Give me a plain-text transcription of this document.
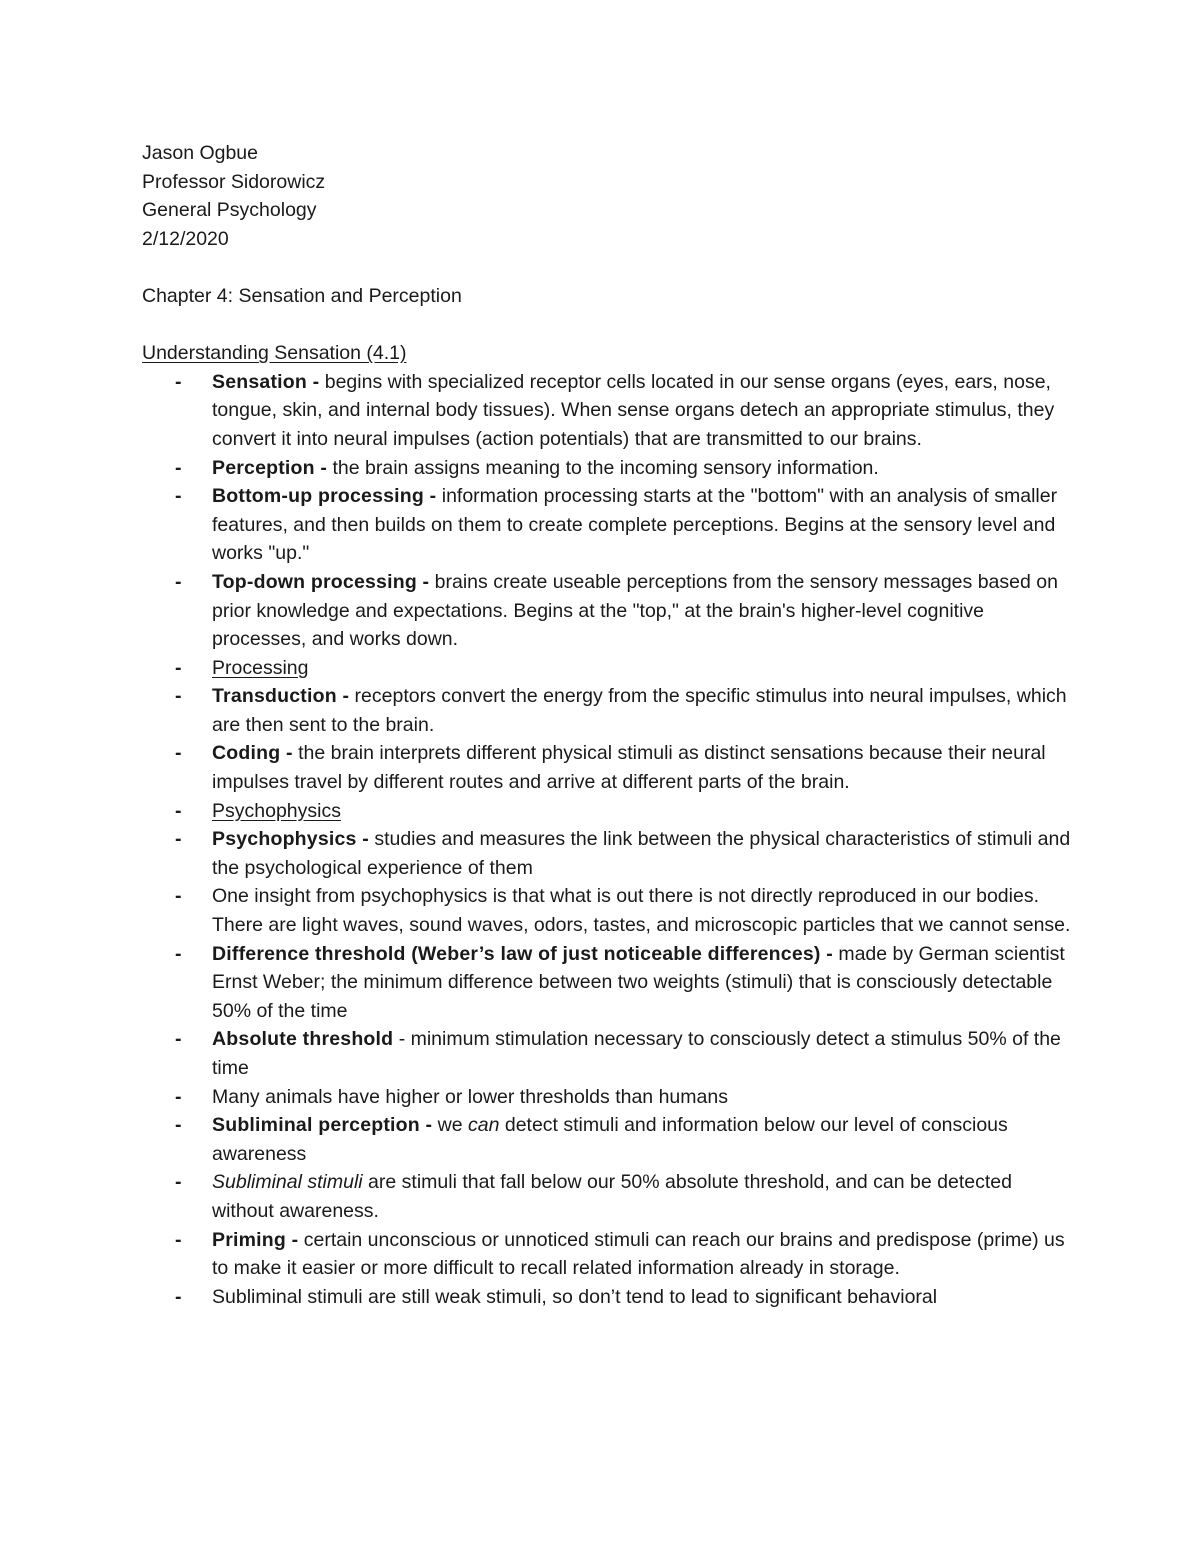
Jason Ogbue
Professor Sidorowicz
General Psychology
2/12/2020
Chapter 4: Sensation and Perception
Understanding Sensation (4.1)
- Sensation - begins with specialized receptor cells located in our sense organs (eyes, ears, nose, tongue, skin, and internal body tissues). When sense organs detech an appropriate stimulus, they convert it into neural impulses (action potentials) that are transmitted to our brains.
- Perception - the brain assigns meaning to the incoming sensory information.
- Bottom-up processing - information processing starts at the "bottom" with an analysis of smaller features, and then builds on them to create complete perceptions. Begins at the sensory level and works "up."
- Top-down processing - brains create useable perceptions from the sensory messages based on prior knowledge and expectations. Begins at the "top," at the brain's higher-level cognitive processes, and works down.
- Processing
- Transduction - receptors convert the energy from the specific stimulus into neural impulses, which are then sent to the brain.
- Coding - the brain interprets different physical stimuli as distinct sensations because their neural impulses travel by different routes and arrive at different parts of the brain.
- Psychophysics
- Psychophysics - studies and measures the link between the physical characteristics of stimuli and the psychological experience of them
- One insight from psychophysics is that what is out there is not directly reproduced in our bodies. There are light waves, sound waves, odors, tastes, and microscopic particles that we cannot sense.
- Difference threshold (Weber’s law of just noticeable differences) - made by German scientist Ernst Weber; the minimum difference between two weights (stimuli) that is consciously detectable 50% of the time
- Absolute threshold - minimum stimulation necessary to consciously detect a stimulus 50% of the time
- Many animals have higher or lower thresholds than humans
- Subliminal perception - we can detect stimuli and information below our level of conscious awareness
- Subliminal stimuli are stimuli that fall below our 50% absolute threshold, and can be detected without awareness.
- Priming - certain unconscious or unnoticed stimuli can reach our brains and predispose (prime) us to make it easier or more difficult to recall related information already in storage.
- Subliminal stimuli are still weak stimuli, so don’t tend to lead to significant behavioral
